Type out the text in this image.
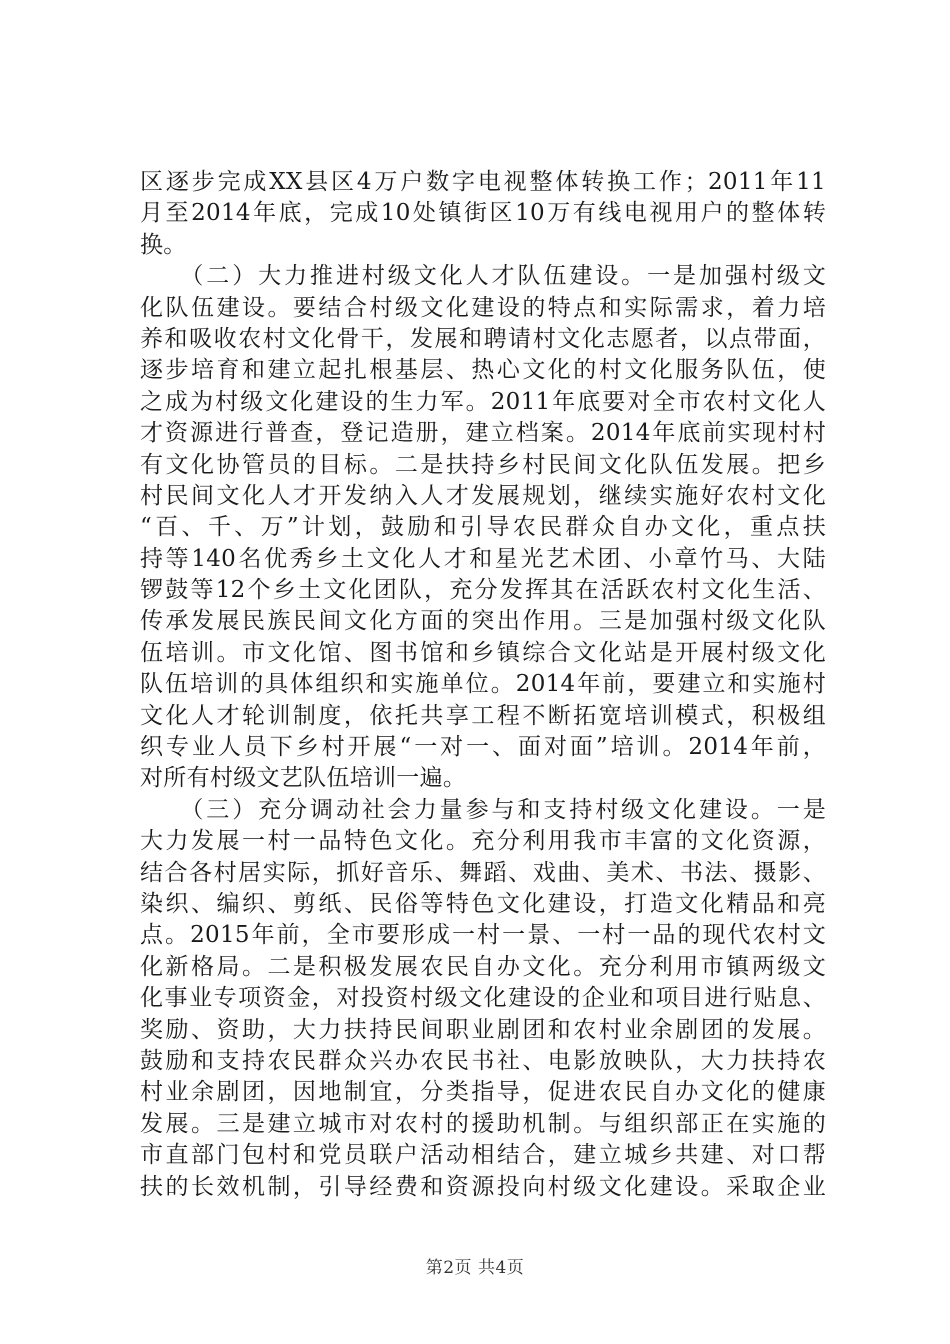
区逐步完成XX县区4万户数字电视整体转换工作；2011年11
月至2014年底，完成10处镇街区10万有线电视用户的整体转
换。
　　（二）大力推进村级文化人才队伍建设。一是加强村级文
化队伍建设。要结合村级文化建设的特点和实际需求，着力培
养和吸收农村文化骨干，发展和聘请村文化志愿者，以点带面，
逐步培育和建立起扎根基层、热心文化的村文化服务队伍，使
之成为村级文化建设的生力军。2011年底要对全市农村文化人
才资源进行普查，登记造册，建立档案。2014年底前实现村村
有文化协管员的目标。二是扶持乡村民间文化队伍发展。把乡
村民间文化人才开发纳入人才发展规划，继续实施好农村文化
“百、千、万”计划，鼓励和引导农民群众自办文化，重点扶
持等140名优秀乡土文化人才和星光艺术团、小章竹马、大陆
锣鼓等12个乡土文化团队，充分发挥其在活跃农村文化生活、
传承发展民族民间文化方面的突出作用。三是加强村级文化队
伍培训。市文化馆、图书馆和乡镇综合文化站是开展村级文化
队伍培训的具体组织和实施单位。2014年前，要建立和实施村
文化人才轮训制度，依托共享工程不断拓宽培训模式，积极组
织专业人员下乡村开展“一对一、面对面”培训。2014年前，
对所有村级文艺队伍培训一遍。
　　（三）充分调动社会力量参与和支持村级文化建设。一是
大力发展一村一品特色文化。充分利用我市丰富的文化资源，
结合各村居实际，抓好音乐、舞蹈、戏曲、美术、书法、摄影、
染织、编织、剪纸、民俗等特色文化建设，打造文化精品和亮
点。2015年前，全市要形成一村一景、一村一品的现代农村文
化新格局。二是积极发展农民自办文化。充分利用市镇两级文
化事业专项资金，对投资村级文化建设的企业和项目进行贴息、
奖励、资助，大力扶持民间职业剧团和农村业余剧团的发展。
鼓励和支持农民群众兴办农民书社、电影放映队，大力扶持农
村业余剧团，因地制宜，分类指导，促进农民自办文化的健康
发展。三是建立城市对农村的援助机制。与组织部正在实施的
市直部门包村和党员联户活动相结合，建立城乡共建、对口帮
扶的长效机制，引导经费和资源投向村级文化建设。采取企业
第2页 共4页
